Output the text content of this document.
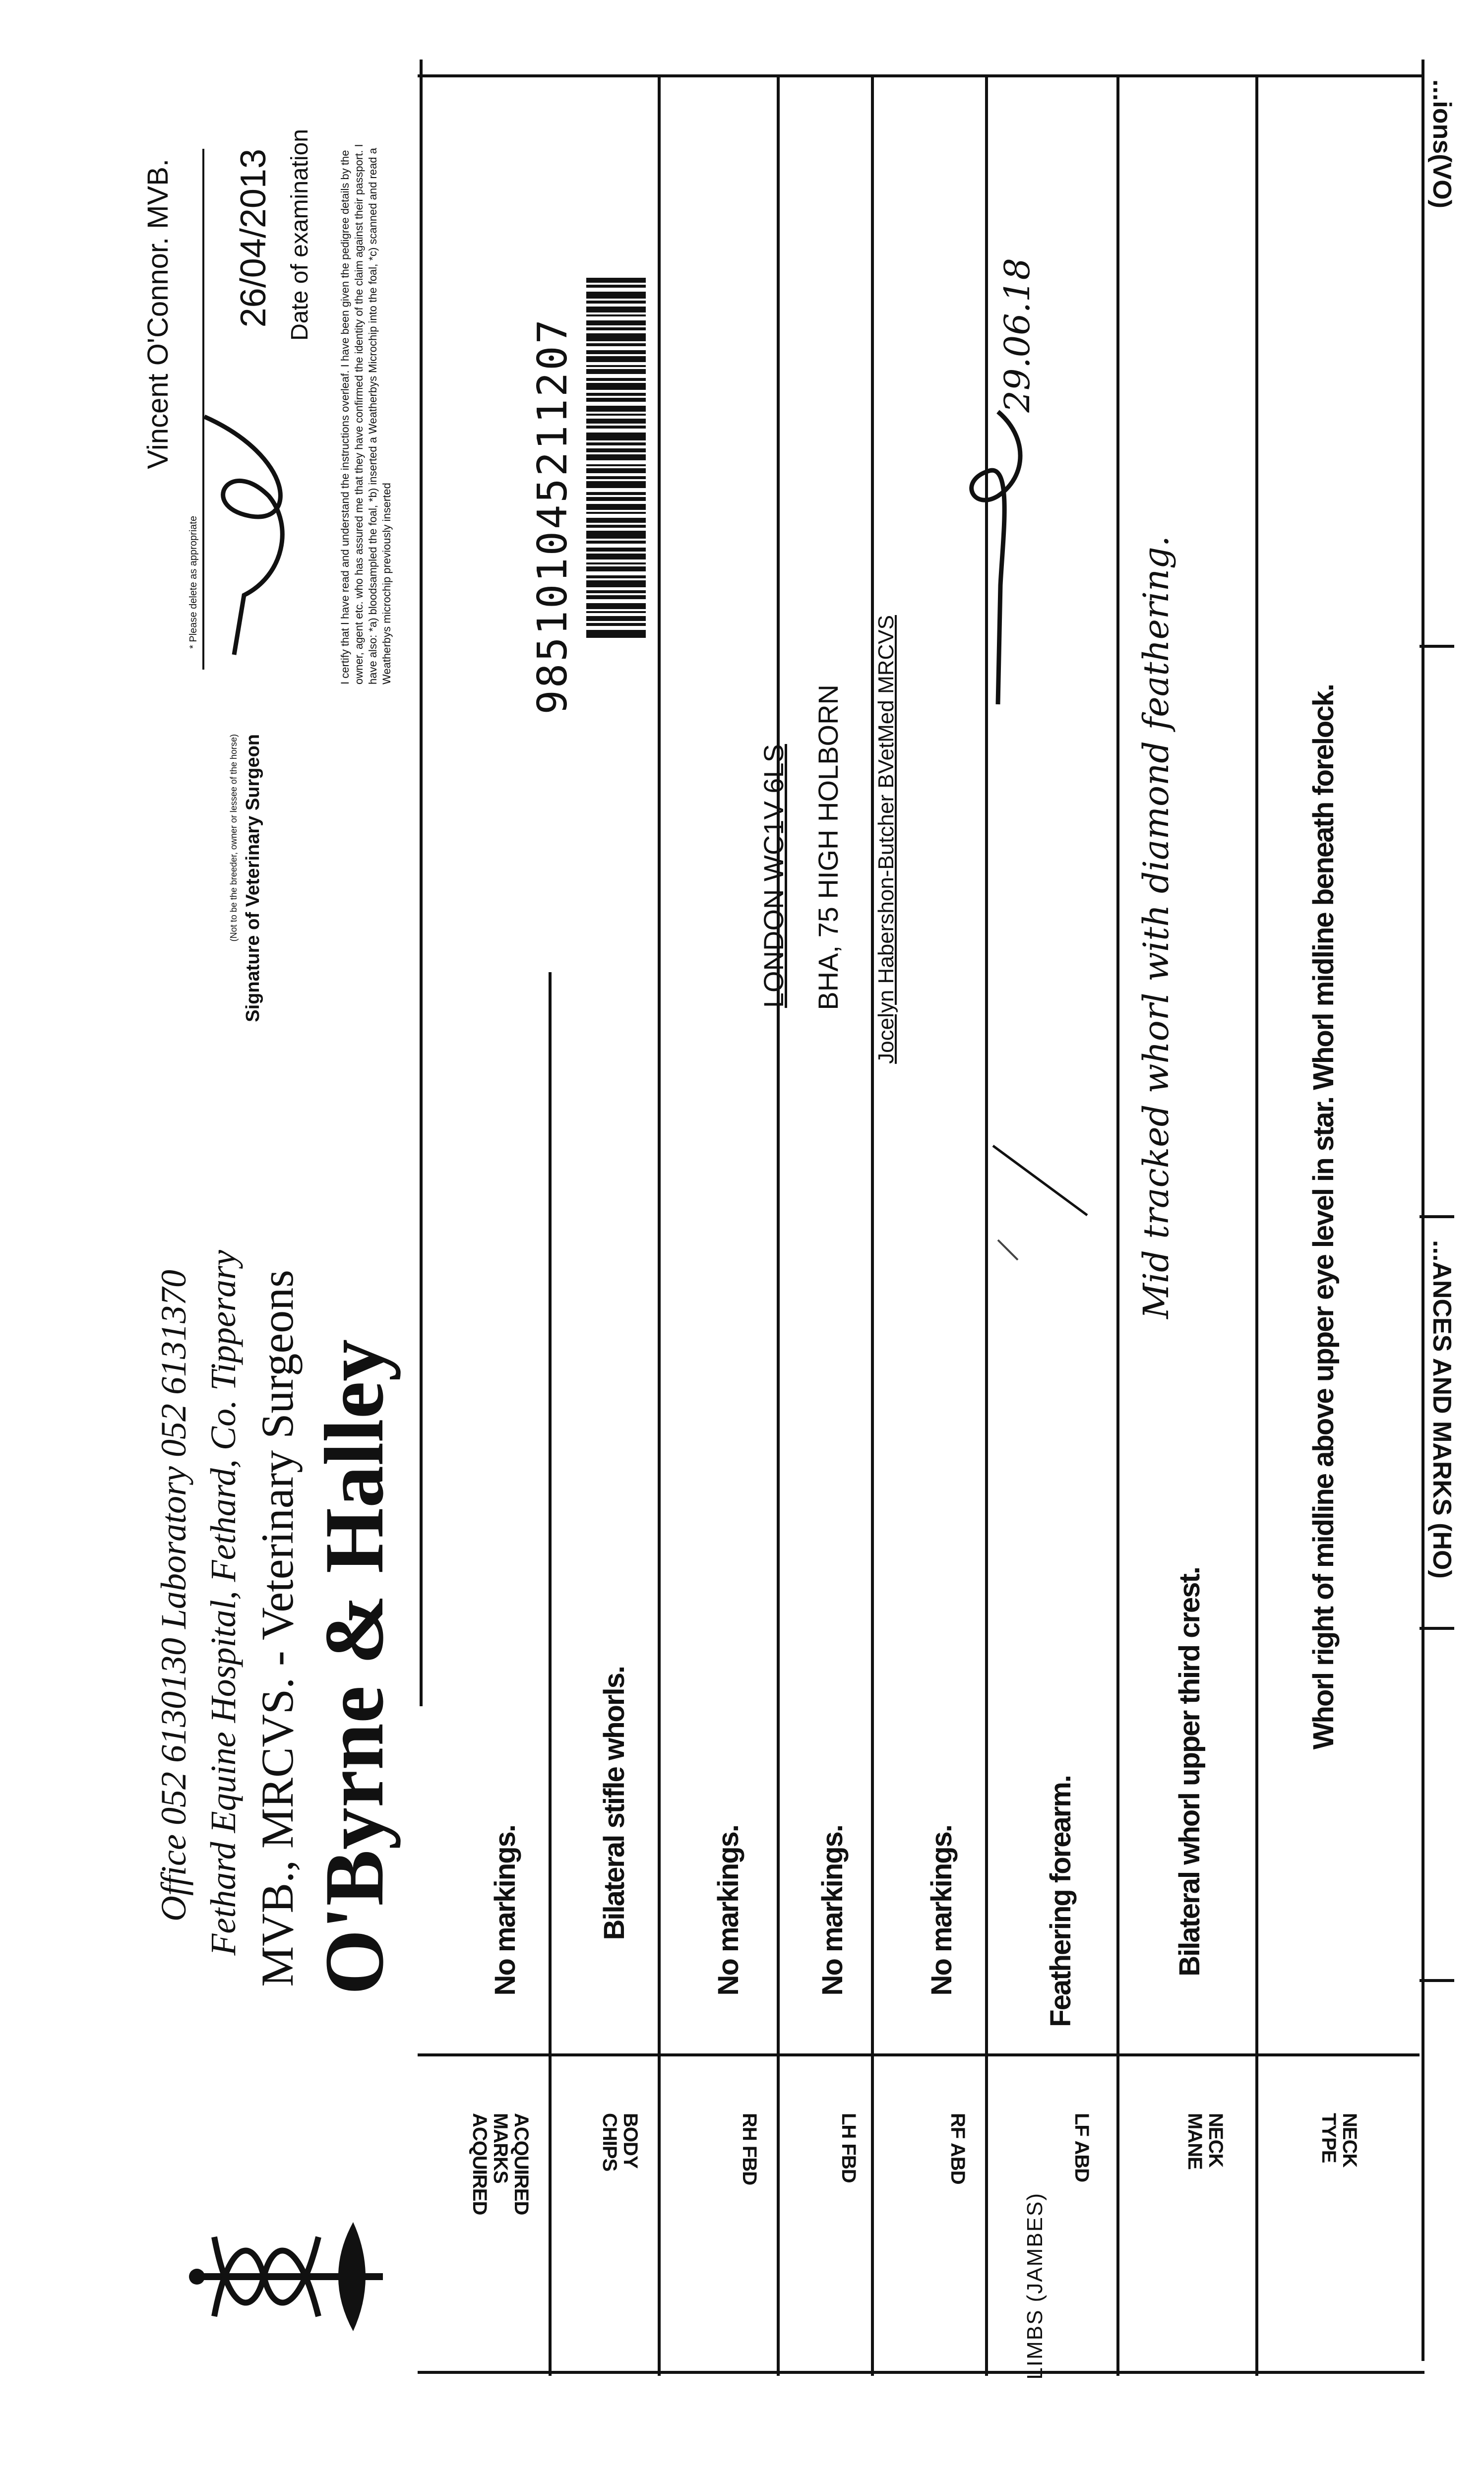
...ions(VO)
...ANCES AND MARKS (HO)
NECK
TYPE
NECK
MANE
LF ABD
RF ABD
LH FBD
RH FBD
BODY
CHIPS
ACQUIRED
MARKS
ACQUIRED
LIMBS (JAMBES)
Whorl right of midline above upper eye level in star. Whorl midline beneath forelock.
Bilateral whorl upper third crest.
Feathering forearm.
No markings.
No markings.
No markings.
Bilateral stifle whorls.
No markings.
Mid tracked whorl with diamond feathering.
29.06.18
Jocelyn Habershon-Butcher BVetMed MRCVS
BHA, 75 HIGH HOLBORN
LONDON WC1V 6LS
985101045211207
I certify that I have read and understand the instructions overleaf. I have been given the pedigree details by the owner, agent etc. who has assured me that they have confirmed the identity of the claim against their passport. I have also: *a) bloodsampled the foal, *b) inserted a Weatherbys Microchip into the foal, *c) scanned and read a Weatherbys microchip previously inserted
Date of examination
26/04/2013
Signature of Veterinary Surgeon
(Not to be the breeder, owner or lessee of the horse)
* Please delete as appropriate
Vincent O'Connor. MVB.
O'Byrne & Halley
MVB., MRCVS. - Veterinary Surgeons
Fethard Equine Hospital, Fethard, Co. Tipperary
Office 052 6130130 Laboratory 052 6131370
